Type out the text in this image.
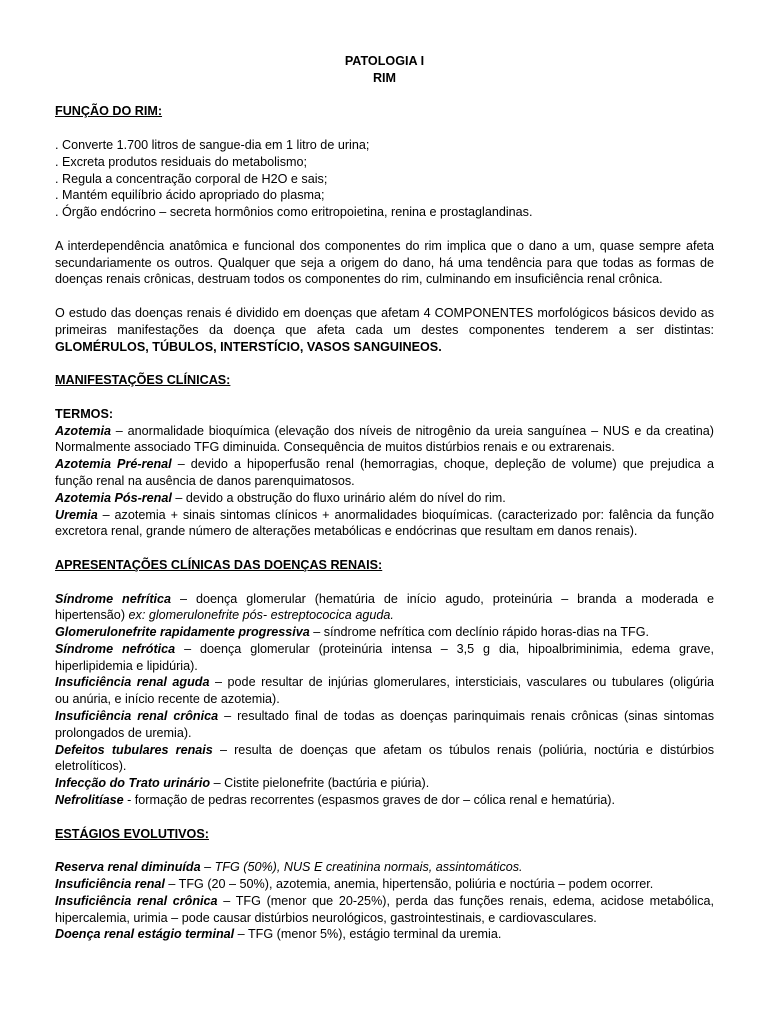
PATOLOGIA I

RIM

FUNÇÃO DO RIM:

. Converte 1.700 litros de sangue-dia em 1 litro de urina;

. Excreta produtos residuais do metabolismo;

. Regula a concentração corporal de H2O e sais;

. Mantém equilíbrio ácido apropriado do plasma;

. Órgão endócrino – secreta hormônios como eritropoietina, renina e prostaglandinas.

A interdependência anatômica e funcional dos componentes do rim implica que o dano a um, quase sempre afeta

secundariamente os outros. Qualquer que seja a origem do dano, há uma tendência para que todas as formas de

doenças renais crônicas, destruam todos os componentes do rim, culminando em insuficiência renal crônica.

O estudo das doenças renais é dividido em doenças que afetam 4 COMPONENTES morfológicos básicos devido as

primeiras manifestações da doença que afeta cada um destes componentes tenderem a ser distintas:

GLOMÉRULOS, TÚBULOS, INTERSTÍCIO, VASOS SANGUINEOS.

MANIFESTAÇÕES CLÍNICAS:

TERMOS:

Azotemia – anormalidade bioquímica (elevação dos níveis de nitrogênio da ureia sanguínea – NUS e da creatina)

Normalmente associado TFG diminuida. Consequência de muitos distúrbios renais e ou extrarenais.

Azotemia Pré-renal – devido a hipoperfusão renal (hemorragias, choque, depleção de volume) que prejudica a

função renal na ausência de danos parenquimatosos.

Azotemia Pós-renal – devido a obstrução do fluxo urinário além do nível do rim.

Uremia – azotemia + sinais sintomas clínicos + anormalidades bioquímicas. (caracterizado por: falência da função

excretora renal, grande número de alterações metabólicas e endócrinas que resultam em danos renais).

APRESENTAÇÕES CLÍNICAS DAS DOENÇAS RENAIS:

Síndrome nefrítica – doença glomerular (hematúria de início agudo, proteinúria – branda a moderada e

hipertensão) ex: glomerulonefrite pós- estreptococica aguda.

Glomerulonefrite rapidamente progressiva – síndrome nefrítica com declínio rápido horas-dias na TFG.

Síndrome nefrótica – doença glomerular (proteinúria intensa – 3,5 g dia, hipoalbriminimia, edema grave,

hiperlipidemia e lipidúria).

Insuficiência renal aguda – pode resultar de injúrias glomerulares, intersticiais, vasculares ou tubulares (oligúria

ou anúria, e início recente de azotemia).

Insuficiência renal crônica – resultado final de todas as doenças parinquimais renais crônicas (sinas sintomas

prolongados de uremia).

Defeitos tubulares renais – resulta de doenças que afetam os túbulos renais (poliúria, noctúria e distúrbios

eletrolíticos).

Infecção do Trato urinário – Cistite pielonefrite (bactúria e piúria).

Nefrolitíase - formação de pedras recorrentes (espasmos graves de dor – cólica renal e hematúria).

ESTÁGIOS EVOLUTIVOS:

Reserva renal diminuída – TFG (50%), NUS E creatinina normais, assintomáticos.

Insuficiência renal – TFG (20 – 50%), azotemia, anemia, hipertensão, poliúria e noctúria – podem ocorrer.

Insuficiência renal crônica – TFG (menor que 20-25%), perda das funções renais, edema, acidose metabólica,

hipercalemia, urimia – pode causar distúrbios neurológicos, gastrointestinais, e cardiovasculares.

Doença renal estágio terminal – TFG (menor 5%), estágio terminal da uremia.
